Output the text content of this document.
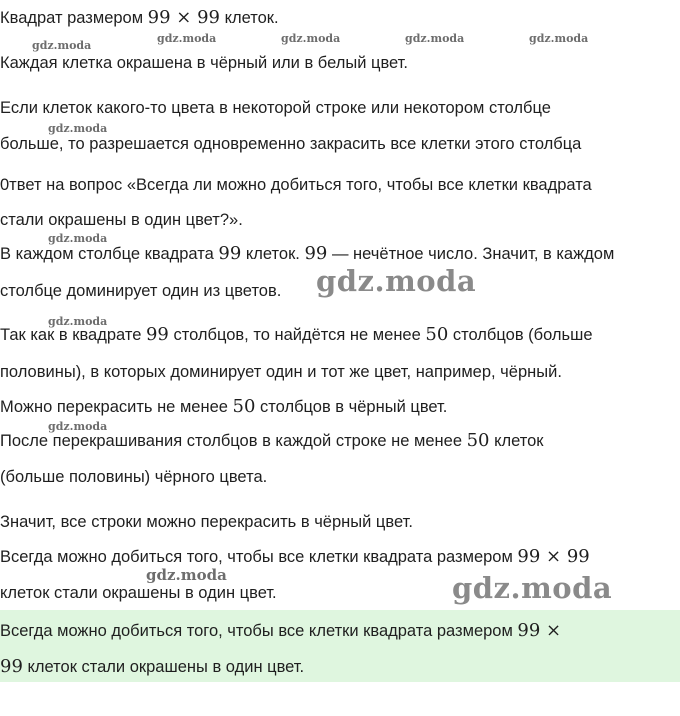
Квадрат размером 99 × 99 клеток.
Каждая клетка окрашена в чёрный или в белый цвет.
Если клеток какого-то цвета в некоторой строке или некотором столбце
больше, то разрешается одновременно закрасить все клетки этого столбца
0твет на вопрос «Всегда ли можно добиться того, чтобы все клетки квадрата
стали окрашены в один цвет?».
В каждом столбце квадрата 99 клеток. 99 — нечётное число. Значит, в каждом
столбце доминирует один из цветов.
Так как в квадрате 99 столбцов, то найдётся не менее 50 столбцов (больше
половины), в которых доминирует один и тот же цвет, например, чёрный.
Можно перекрасить не менее 50 столбцов в чёрный цвет.
После перекрашивания столбцов в каждой строке не менее 50 клеток
(больше половины) чёрного цвета.
Значит, все строки можно перекрасить в чёрный цвет.
Всегда можно добиться того, чтобы все клетки квадрата размером 99 × 99
клеток стали окрашены в один цвет.
Всегда можно добиться того, чтобы все клетки квадрата размером 99 ×
99 клеток стали окрашены в один цвет.
gdz.moda
gdz.moda	gdz.moda	gdz.moda	gdz.moda
gdz.moda
gdz.moda
gdz.moda
gdz.moda
gdz.moda
gdz.moda
gdz.moda
